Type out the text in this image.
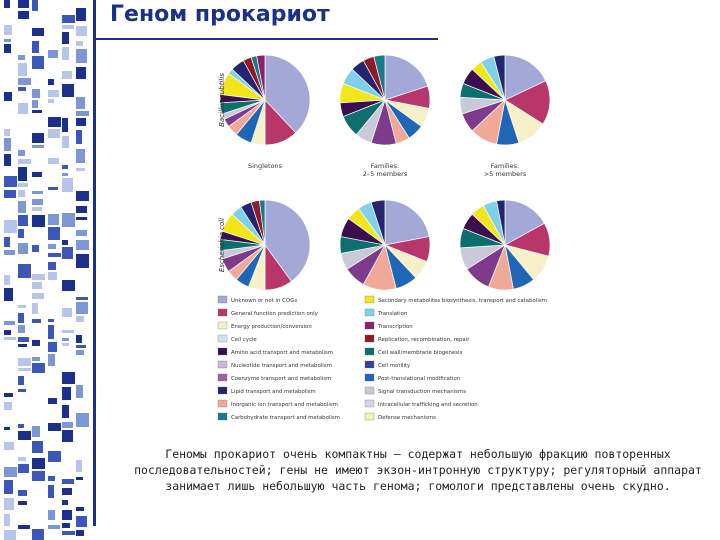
Геном прокариот
Bacillus subtilis
Escherichia coli
Singletons	Families:
2–5 members
Families:
>5 members
Unknown or not in COGs	Secondary metabolites biosynthesis, transport and catabolism
General function prediction only	Translation
Energy production/conversion	Transcription
Cell cycle	Replication, recombination, repair
Amino acid transport and metabolism	Cell wall/membrane biogenesis
Nucleotide transport and metabolism	Cell motility
Coenzyme transport and metabolism	Post-translational modification
Lipid transport and metabolism	Signal transduction mechanisms
Inorganic ion transport and metabolism	Intracellular trafficking and secretion
Carbohydrate transport and metabolism	Defense mechanisms

Геномы прокариот очень компактны – содержат небольшую фракцию повторенных последовательностей; гены не имеют экзон-интронную структуру; регуляторный аппарат занимает лишь небольшую часть генома; гомологи представлены очень скудно.
